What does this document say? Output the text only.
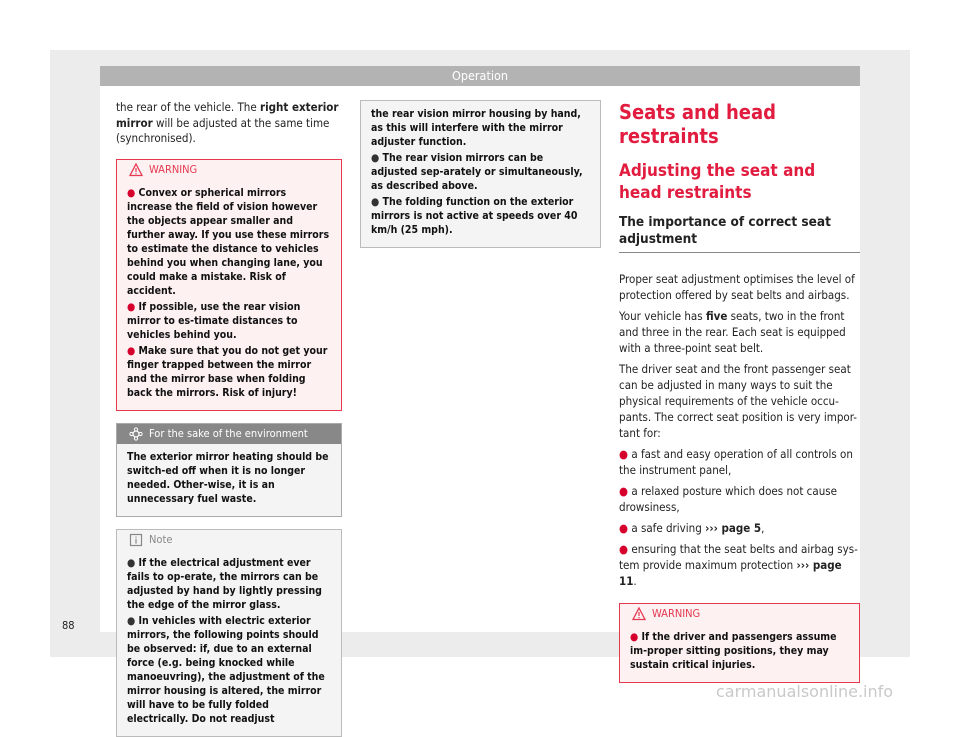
Operation

the rear of the vehicle. The right exterior mirror will be adjusted at the same time (synchronised).

WARNING

● Convex or spherical mirrors increase the field of vision however the objects appear smaller and further away. If you use these mirrors to estimate the distance to vehicles behind you when changing lane, you could make a mistake. Risk of accident.

● If possible, use the rear vision mirror to es-timate distances to vehicles behind you.

● Make sure that you do not get your finger trapped between the mirror and the mirror base when folding back the mirrors. Risk of injury!

For the sake of the environment

The exterior mirror heating should be switch-ed off when it is no longer needed. Other-wise, it is an unnecessary fuel waste.

Note

● If the electrical adjustment ever fails to op-erate, the mirrors can be adjusted by hand by lightly pressing the edge of the mirror glass.

● In vehicles with electric exterior mirrors, the following points should be observed: if, due to an external force (e.g. being knocked while manoeuvring), the adjustment of the mirror housing is altered, the mirror will have to be fully folded electrically. Do not readjust

the rear vision mirror housing by hand, as this will interfere with the mirror adjuster function.

● The rear vision mirrors can be adjusted sep-arately or simultaneously, as described above.

● The folding function on the exterior mirrors is not active at speeds over 40 km/h (25 mph).

Seats and head restraints
Adjusting the seat and head restraints
The importance of correct seat adjustment

Proper seat adjustment optimises the level of protection offered by seat belts and airbags.

Your vehicle has five seats, two in the front and three in the rear. Each seat is equipped with a three-point seat belt.

The driver seat and the front passenger seat can be adjusted in many ways to suit the physical requirements of the vehicle occu-pants. The correct seat position is very impor-tant for:

● a fast and easy operation of all controls on the instrument panel,

● a relaxed posture which does not cause drowsiness,

● a safe driving ››› page 5,

● ensuring that the seat belts and airbag sys-tem provide maximum protection ››› page 11.

WARNING

● If the driver and passengers assume im-proper sitting positions, they may sustain critical injuries.

88
carmanualsonline.info
